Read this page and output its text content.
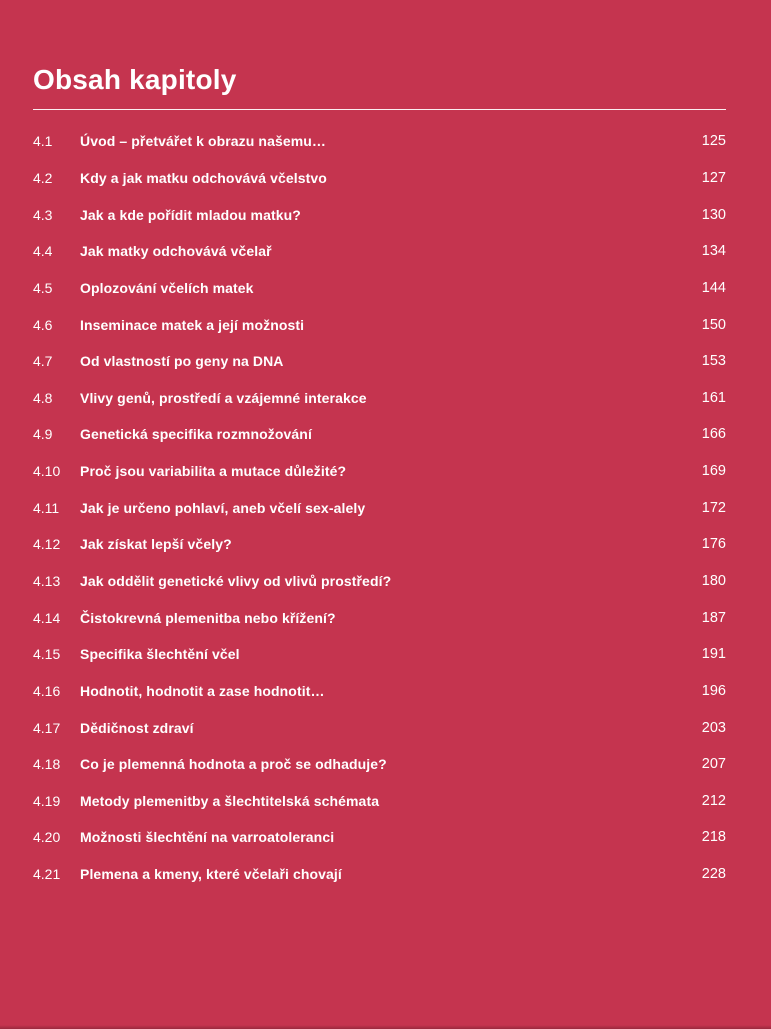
Obsah kapitoly
4.1	Úvod – přetvářet k obrazu našemu…	125
4.2	Kdy a jak matku odchovává včelstvo	127
4.3	Jak a kde pořídit mladou matku?	130
4.4	Jak matky odchovává včelař	134
4.5	Oplozování včelích matek	144
4.6	Inseminace matek a její možnosti	150
4.7	Od vlastností po geny na DNA	153
4.8	Vlivy genů, prostředí a vzájemné interakce	161
4.9	Genetická specifika rozmnožování	166
4.10	Proč jsou variabilita a mutace důležité?	169
4.11	Jak je určeno pohlaví, aneb včelí sex-alely	172
4.12	Jak získat lepší včely?	176
4.13	Jak oddělit genetické vlivy od vlivů prostředí?	180
4.14	Čistokrevná plemenitba nebo křížení?	187
4.15	Specifika šlechtění včel	191
4.16	Hodnotit, hodnotit a zase hodnotit…	196
4.17	Dědičnost zdraví	203
4.18	Co je plemenná hodnota a proč se odhaduje?	207
4.19	Metody plemenitby a šlechtitelská schémata	212
4.20	Možnosti šlechtění na varroatoleranci	218
4.21	Plemena a kmeny, které včelaři chovají	228
